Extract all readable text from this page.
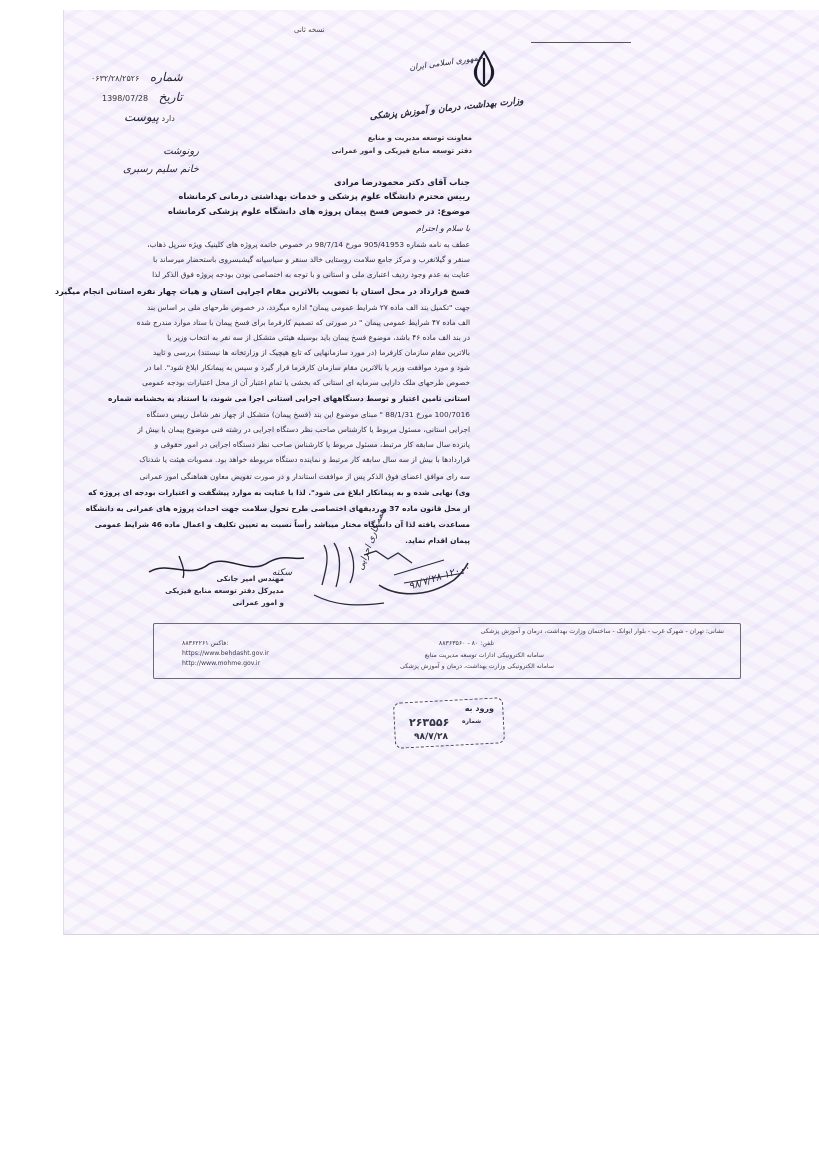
نسخه ثانی
جمهوری اسلامی ایران
وزارت بهداشت، درمان و آموزش پزشکی
۰۶۳۲/۲۸/۲۵۲۶ شماره
1398/07/28 تاریخ
دارد پیوست
رونوشت
خانم سلیم رسبری
معاونت توسعه مدیریت و منابع
دفتر توسعه منابع فیزیکی و امور عمرانی
جناب آقای دکتر محمودرضا مرادی
رییس محترم دانشگاه علوم پزشکی و خدمات بهداشتی درمانی کرمانشاه
موضوع: در خصوص فسخ پیمان پروژه های دانشگاه علوم پزشکی کرمانشاه
با سلام و احترام
عطف به نامه شماره 905/41953 مورخ 98/7/14 در خصوص خاتمه پروژه های کلینیک ویژه سرپل ذهاب،
سنقر و گیلانغرب و مرکز جامع سلامت روستایی خالد سنقر و سیاسیانه گیشبسروی باستحضار میرساند با
عنایت به عدم وجود ردیف اعتباری ملی و استانی و با توجه به اختصاصی بودن بودجه پروژه فوق الذکر لذا
فسخ قرارداد در محل استان با تصویب بالاترین مقام اجرایی استان و هیات چهار نفره استانی انجام میگیرد
جهت "تکمیل بند الف ماده ۲۷ شرایط عمومی پیمان" اداره میگردد، در خصوص طرحهای ملی بر اساس بند
الف ماده ۴۷ شرایط عمومی پیمان " در صورتی که تصمیم کارفرما برای فسخ پیمان با ستاد موارد مندرج شده
در بند الف ماده ۴۶ باشد، موضوع فسخ پیمان باید بوسیله هیئتی متشکل از سه نفر به انتخاب وزیر یا
بالاترین مقام سازمان کارفرما (در مورد سازمانهایی که تابع هیچیک از وزارتخانه ها نیستند) بررسی و تایید
شود و مورد موافقت وزیر یا بالاترین مقام سازمان کارفرما قرار گیرد و سپس به پیمانکار ابلاغ شود". اما در
خصوص طرحهای ملک دارایی سرمایه ای استانی که بخشی یا تمام اعتبار آن از محل اعتبارات بودجه عمومی
استانی تامین اعتبار و توسط دستگاههای اجرایی استانی اجرا می شوند، با استناد به بخشنامه شماره
100/7016 مورخ 88/1/31 " مبنای موضوع این بند (فسخ پیمان) متشکل از چهار نفر شامل رییس دستگاه
اجرایی استانی، مسئول مربوط یا کارشناس صاحب نظر دستگاه اجرایی در رشته فنی موضوع پیمان با بیش از
پانزده سال سابقه کار مرتبط، مسئول مربوط یا کارشناس صاحب نظر دستگاه اجرایی در امور حقوقی و
قراردادها با بیش از سه سال سابقه کار مرتبط و نماینده دستگاه مربوطه خواهد بود. مصوبات هیئت یا شدناک
سه رای موافق اعضای فوق الذکر پس از موافقت استاندار و در صورت تفویض معاون هماهنگی امور عمرانی
وی) نهایی شده و به پیمانکار ابلاغ می شود". لذا با عنایت به موارد پیشگفت و اعتبارات بودجه ای پروژه که
از محل قانون ماده 37 و ردیفهای اختصاصی طرح تحول سلامت جهت احداث پروژه های عمرانی به دانشگاه
مساعدت یافته لذا آن دانشگاه مختار میباشد رأساً نسبت به تعیین تکلیف و اعمال ماده 46 شرایط عمومی
پیمان اقدام نماید.
۹۸/۷/۲۸ ۱۲۰۰۰
همه کاری اجرایی
سکته
مهندس امیر جانکی
مدیرکل دفتر توسعه منابع فیزیکی
و امور عمرانی
نشانی: تهران - شهرک غرب - بلوار ایوانک - ساختمان وزارت بهداشت، درمان و آموزش پزشکی
تلفن: ۸۰ - ۸۸۳۶۳۵۶۰
سامانه الکترونیکی ادارات توسعه مدیریت منابع
سامانه الکترونیکی وزارت بهداشت، درمان و آموزش پزشکی
۸۸۳۶۲۲۶۱ فاکس:
https://www.behdasht.gov.ir
http://www.mohme.gov.ir
ورود به
۲۶۳۵۵۶ شماره
۹۸/۷/۲۸
